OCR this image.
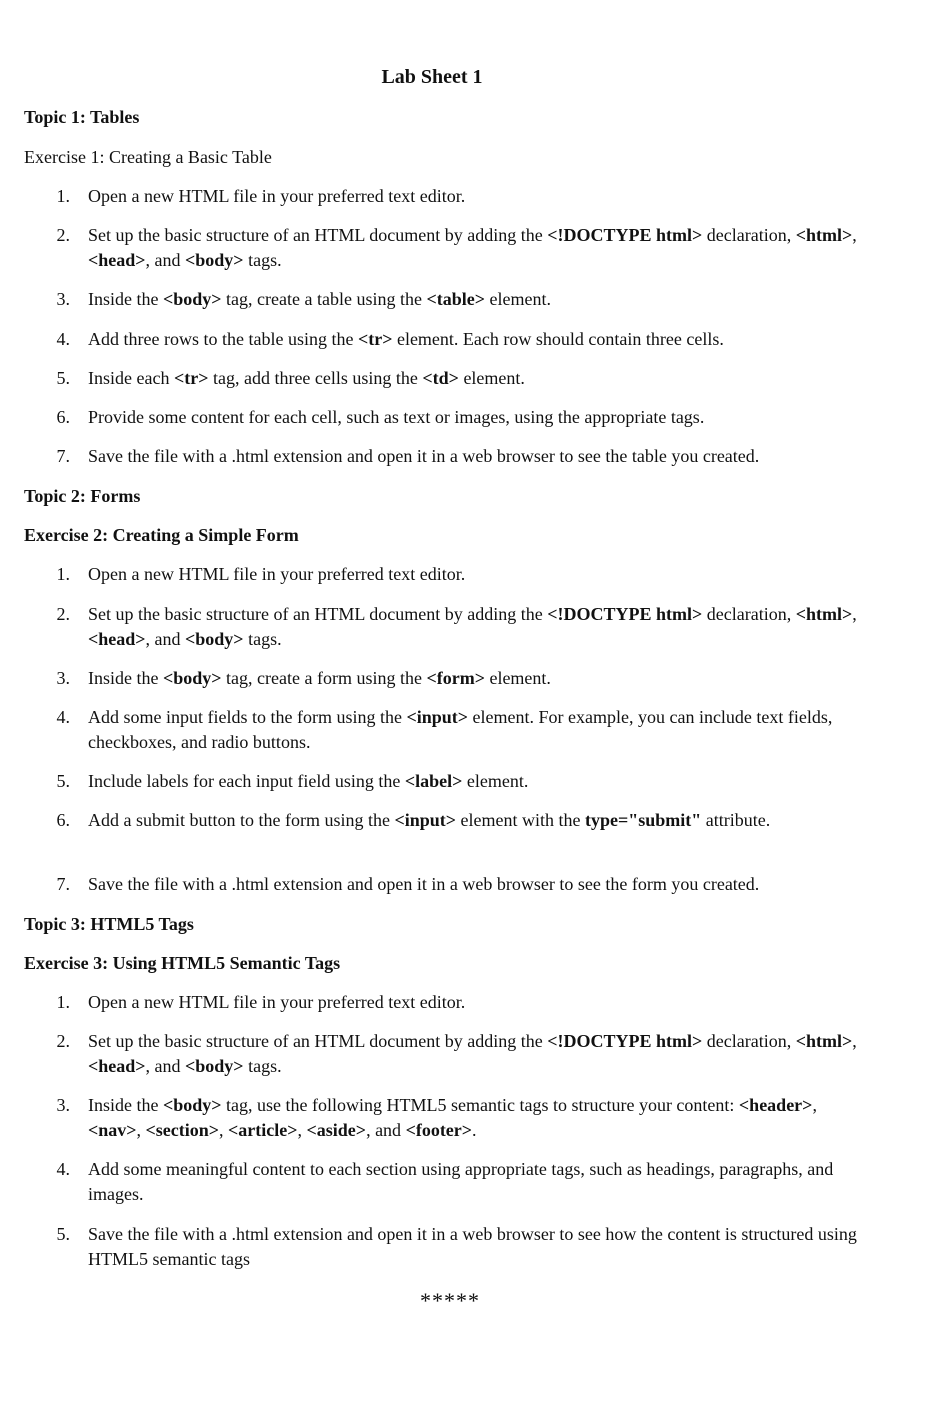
Lab Sheet 1
Topic 1: Tables

Exercise 1: Creating a Basic Table

1. Open a new HTML file in your preferred text editor.
2. Set up the basic structure of an HTML document by adding the <!DOCTYPE html> declaration, <html>, <head>, and <body> tags.
3. Inside the <body> tag, create a table using the <table> element.
4. Add three rows to the table using the <tr> element. Each row should contain three cells.
5. Inside each <tr> tag, add three cells using the <td> element.
6. Provide some content for each cell, such as text or images, using the appropriate tags.
7. Save the file with a .html extension and open it in a web browser to see the table you created.
Topic 2: Forms

Exercise 2: Creating a Simple Form

1. Open a new HTML file in your preferred text editor.
2. Set up the basic structure of an HTML document by adding the <!DOCTYPE html> declaration, <html>, <head>, and <body> tags.
3. Inside the <body> tag, create a form using the <form> element.
4. Add some input fields to the form using the <input> element. For example, you can include text fields, checkboxes, and radio buttons.
5. Include labels for each input field using the <label> element.
6. Add a submit button to the form using the <input> element with the type="submit" attribute.
7. Save the file with a .html extension and open it in a web browser to see the form you created.
Topic 3: HTML5 Tags

Exercise 3: Using HTML5 Semantic Tags

1. Open a new HTML file in your preferred text editor.
2. Set up the basic structure of an HTML document by adding the <!DOCTYPE html> declaration, <html>, <head>, and <body> tags.
3. Inside the <body> tag, use the following HTML5 semantic tags to structure your content: <header>, <nav>, <section>, <article>, <aside>, and <footer>.
4. Add some meaningful content to each section using appropriate tags, such as headings, paragraphs, and images.
5. Save the file with a .html extension and open it in a web browser to see how the content is structured using HTML5 semantic tags
*****
